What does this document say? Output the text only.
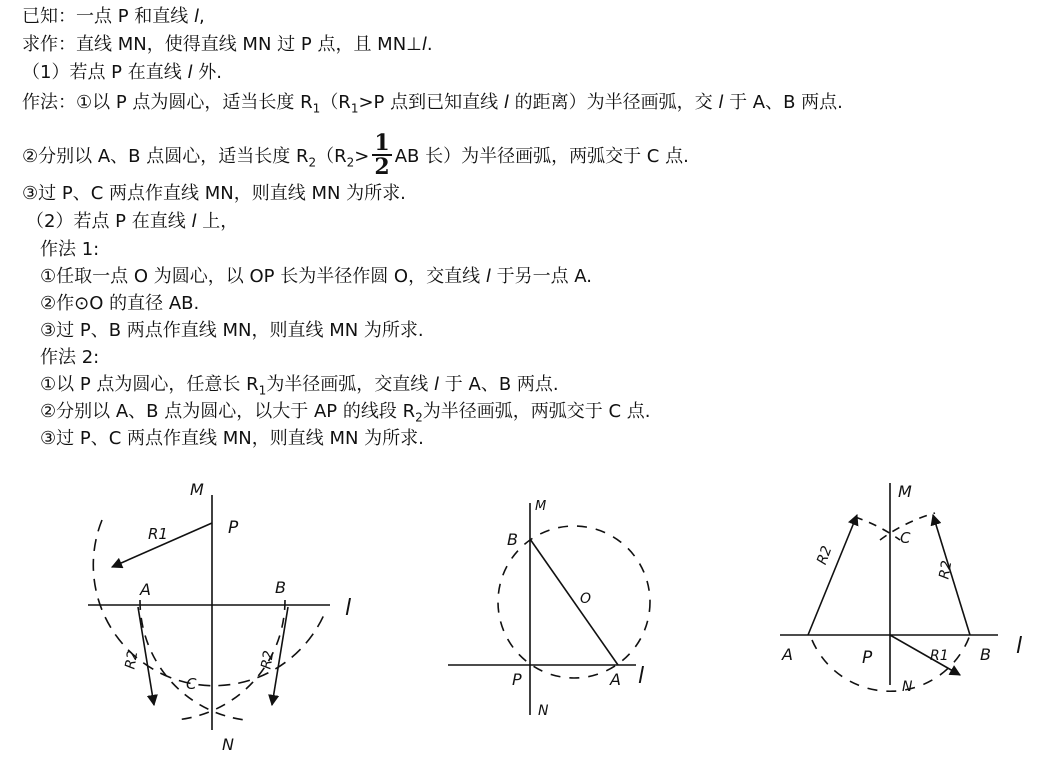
已知：一点 P 和直线 l,
求作：直线 MN，使得直线 MN 过 P 点，且 MN⊥l.
（1）若点 P 在直线 l 外.
作法：①以 P 点为圆心，适当长度 $R_1(R_1>P$ 点到已知直线 l 的距离）为半径画弧，交 l 于 A、B 两点.
②分别以 A、B 点圆心，适当长度 $R_2(R_2> \frac{1}{2}$ AB 长）为半径画弧，两弧交于 C 点.
③过 P、C 两点作直线 MN，则直线 MN 为所求.
（2）若点 P 在直线 l 上，
作法 1:
①任取一点 O 为圆心，以 OP 长为半径作圆 O，交直线 l 于另一点 A.
②作⊙O 的直径 AB.
③过 P、B 两点作直线 MN，则直线 MN 为所求.
作法 2:
①以 P 点为圆心，任意长 $R_1$为半径画弧，交直线 l 于 A、B 两点.
②分别以 A、B 点为圆心，以大于 AP 的线段 $R_2$为半径画弧，两弧交于 C 点.
③过 P、C 两点作直线 MN，则直线 MN 为所求.
M
P
R1
A	B
l
R2
C
R2
N
M
B
O
P	A l
N
M
C
R2
R2
A	P	R1 B l
N
